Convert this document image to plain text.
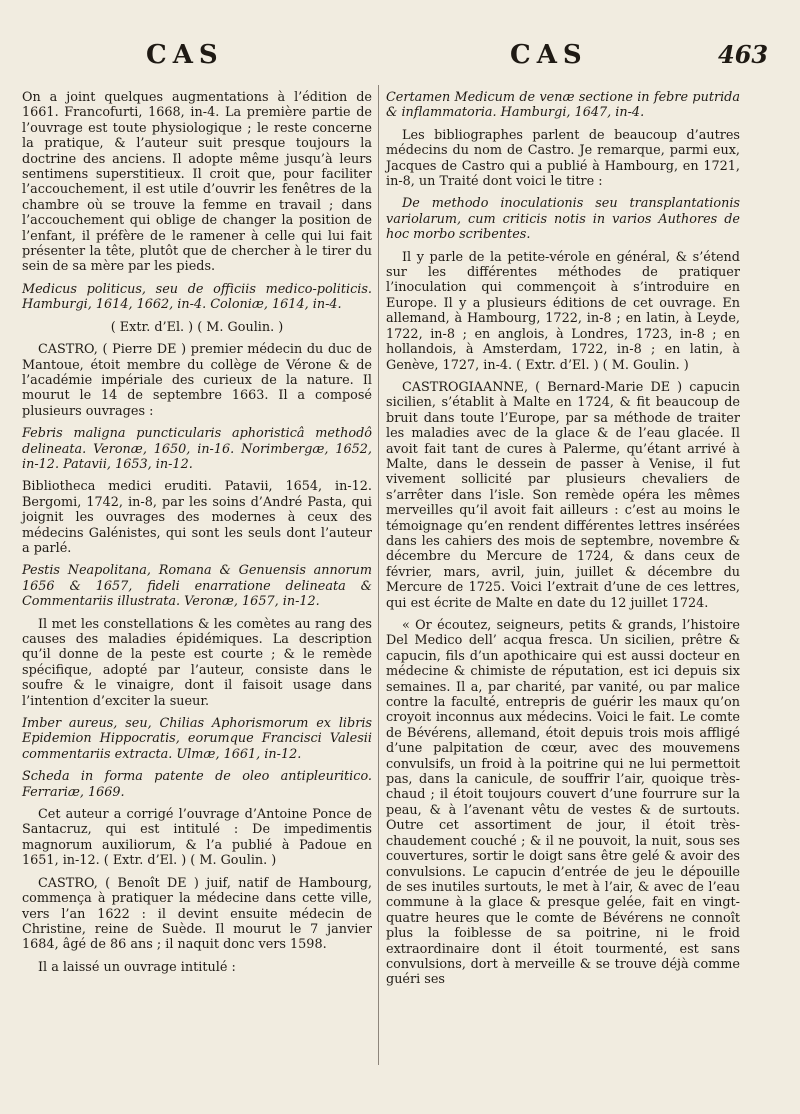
CAS	CAS	463

On a joint quelques augmentations à l’édition de 1661. Francofurti, 1668, in-4. La première partie de l’ouvrage est toute physiologique ; le reste concerne la pratique, & l’auteur suit presque toujours la doctrine des anciens. Il adopte même jusqu’à leurs sentimens superstitieux. Il croit que, pour faciliter l’accouchement, il est utile d’ouvrir les fenêtres de la chambre où se trouve la femme en travail ; dans l’accouchement qui oblige de changer la position de l’enfant, il préfère de le ramener à celle qui lui fait présenter la tête, plutôt que de chercher à le tirer du sein de sa mère par les pieds.

Medicus politicus, seu de officiis medico-politicis. Hamburgi, 1614, 1662, in-4. Coloniæ, 1614, in-4.

( Extr. d’El. ) ( M. Goulin. )

CASTRO, ( Pierre DE ) premier médecin du duc de Mantoue, étoit membre du collège de Vérone & de l’académie impériale des curieux de la nature. Il mourut le 14 de septembre 1663. Il a composé plusieurs ouvrages :

Febris maligna puncticularis aphoristicâ methodô delineata. Veronæ, 1650, in-16. Norimbergæ, 1652, in-12. Patavii, 1653, in-12.

Bibliotheca medici eruditi. Patavii, 1654, in-12. Bergomi, 1742, in-8, par les soins d’André Pasta, qui joignit les ouvrages des modernes à ceux des médecins Galénistes, qui sont les seuls dont l’auteur a parlé.

Pestis Neapolitana, Romana & Genuensis annorum 1656 & 1657, fideli enarratione delineata & Commentariis illustrata. Veronæ, 1657, in-12.

Il met les constellations & les comètes au rang des causes des maladies épidémiques. La description qu’il donne de la peste est courte ; & le remède spécifique, adopté par l’auteur, consiste dans le soufre & le vinaigre, dont il faisoit usage dans l’intention d’exciter la sueur.

Imber aureus, seu, Chilias Aphorismorum ex libris Epidemion Hippocratis, eorumque Francisci Valesii commentariis extracta. Ulmæ, 1661, in-12.

Scheda in forma patente de oleo antipleuritico. Ferrariæ, 1669.

Cet auteur a corrigé l’ouvrage d’Antoine Ponce de Santacruz, qui est intitulé : De impedimentis magnorum auxiliorum, & l’a publié à Padoue en 1651, in-12. ( Extr. d’El. ) ( M. Goulin. )

CASTRO, ( Benoît DE ) juif, natif de Hambourg, commença à pratiquer la médecine dans cette ville, vers l’an 1622 : il devint ensuite médecin de Christine, reine de Suède. Il mourut le 7 janvier 1684, âgé de 86 ans ; il naquit donc vers 1598.

Il a laissé un ouvrage intitulé :

Certamen Medicum de venæ sectione in febre putrida & inflammatoria. Hamburgi, 1647, in-4.

Les bibliographes parlent de beaucoup d’autres médecins du nom de Castro. Je remarque, parmi eux, Jacques de Castro qui a publié à Hambourg, en 1721, in-8, un Traité dont voici le titre :

De methodo inoculationis seu transplantationis variolarum, cum criticis notis in varios Authores de hoc morbo scribentes.

Il y parle de la petite-vérole en général, & s’étend sur les différentes méthodes de pratiquer l’inoculation qui commençoit à s’introduire en Europe. Il y a plusieurs éditions de cet ouvrage. En allemand, à Hambourg, 1722, in-8 ; en latin, à Leyde, 1722, in-8 ; en anglois, à Londres, 1723, in-8 ; en hollandois, à Amsterdam, 1722, in-8 ; en latin, à Genève, 1727, in-4. ( Extr. d’El. ) ( M. Goulin. )

CASTROGIAANNE, ( Bernard-Marie DE ) capucin sicilien, s’établit à Malte en 1724, & fit beaucoup de bruit dans toute l’Europe, par sa méthode de traiter les maladies avec de la glace & de l’eau glacée. Il avoit fait tant de cures à Palerme, qu’étant arrivé à Malte, dans le dessein de passer à Venise, il fut vivement sollicité par plusieurs chevaliers de s’arrêter dans l’isle. Son remède opéra les mêmes merveilles qu’il avoit fait ailleurs : c’est au moins le témoignage qu’en rendent différentes lettres insérées dans les cahiers des mois de septembre, novembre & décembre du Mercure de 1724, & dans ceux de février, mars, avril, juin, juillet & décembre du Mercure de 1725. Voici l’extrait d’une de ces lettres, qui est écrite de Malte en date du 12 juillet 1724.

« Or écoutez, seigneurs, petits & grands, l’histoire Del Medico dell’ acqua fresca. Un sicilien, prêtre & capucin, fils d’un apothicaire qui est aussi docteur en médecine & chimiste de réputation, est ici depuis six semaines. Il a, par charité, par vanité, ou par malice contre la faculté, entrepris de guérir les maux qu’on croyoit inconnus aux médecins. Voici le fait. Le comte de Bévérens, allemand, étoit depuis trois mois affligé d’une palpitation de cœur, avec des mouvemens convulsifs, un froid à la poitrine qui ne lui permettoit pas, dans la canicule, de souffrir l’air, quoique très-chaud ; il étoit toujours couvert d’une fourrure sur la peau, & à l’avenant vêtu de vestes & de surtouts. Outre cet assortiment de jour, il étoit très-chaudement couché ; & il ne pouvoit, la nuit, sous ses couvertures, sortir le doigt sans être gelé & avoir des convulsions. Le capucin d’entrée de jeu le dépouille de ses inutiles surtouts, le met à l’air, & avec de l’eau commune à la glace & presque gelée, fait en vingt-quatre heures que le comte de Bévérens ne connoît plus la foiblesse de sa poitrine, ni le froid extraordinaire dont il étoit tourmenté, est sans convulsions, dort à merveille & se trouve déjà comme guéri ses
